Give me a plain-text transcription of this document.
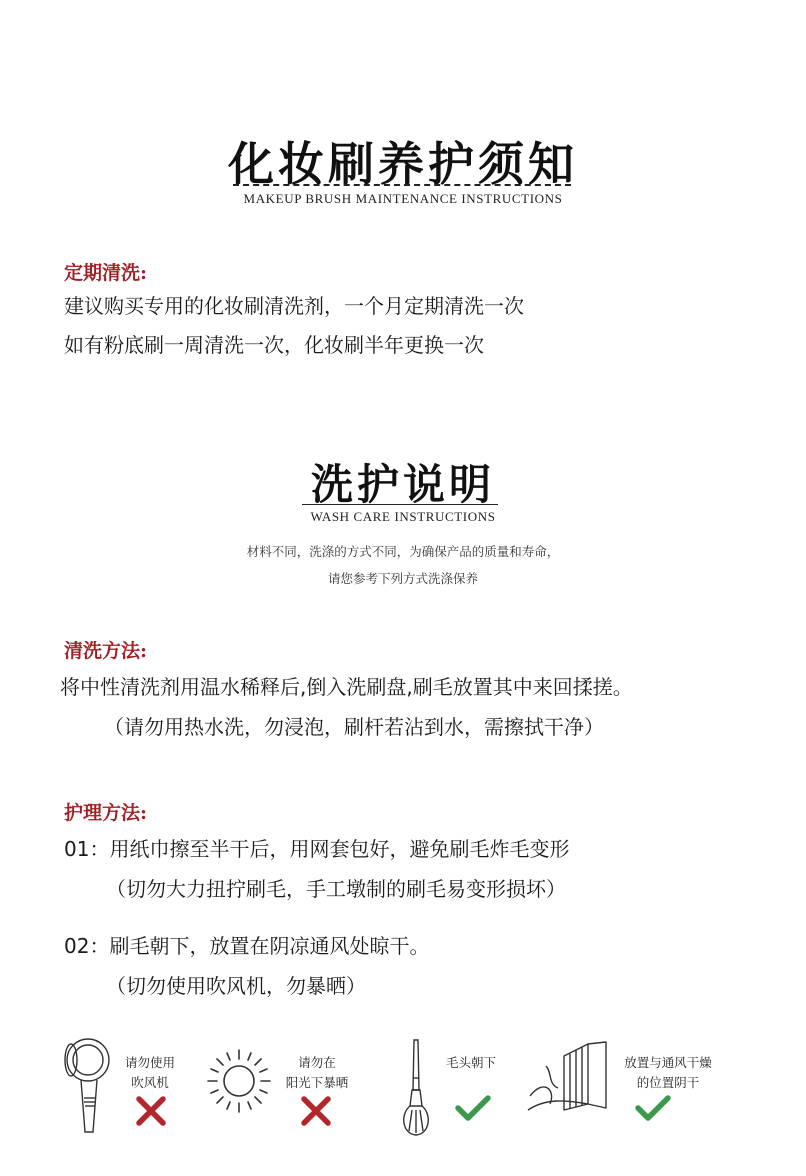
化妆刷养护须知
MAKEUP BRUSH MAINTENANCE INSTRUCTIONS
定期清洗:
建议购买专用的化妆刷清洗剂，一个月定期清洗一次
如有粉底刷一周清洗一次，化妆刷半年更换一次
洗护说明
WASH CARE INSTRUCTIONS
材料不同，洗涤的方式不同，为确保产品的质量和寿命，
请您参考下列方式洗涤保养
清洗方法:
将中性清洗剂用温水稀释后,倒入洗刷盘,刷毛放置其中来回揉搓。
（请勿用热水洗，勿浸泡，刷杆若沾到水，需擦拭干净）
护理方法:
01：用纸巾擦至半干后，用网套包好，避免刷毛炸毛变形
（切勿大力扭拧刷毛，手工墩制的刷毛易变形损坏）
02：刷毛朝下，放置在阴凉通风处晾干。
（切勿使用吹风机，勿暴晒）
请勿使用
吹风机
请勿在
阳光下暴晒
毛头朝下	放置与通风干燥
的位置阴干
